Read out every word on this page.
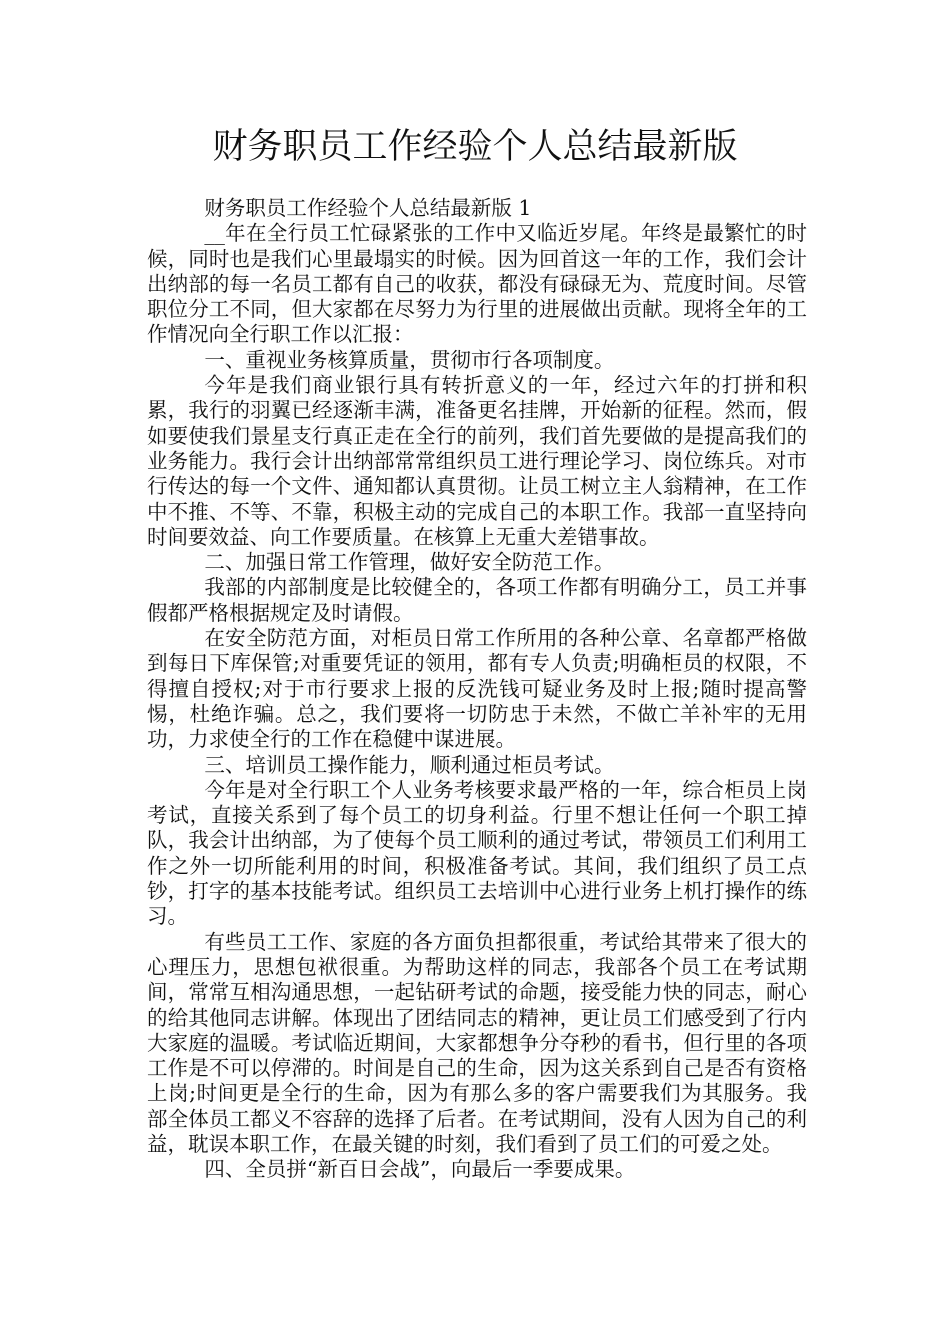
财务职员工作经验个人总结最新版

财务职员工作经验个人总结最新版 1

__年在全行员工忙碌紧张的工作中又临近岁尾。年终是最繁忙的时候，同时也是我们心里最塌实的时候。因为回首这一年的工作，我们会计出纳部的每一名员工都有自己的收获，都没有碌碌无为、荒度时间。尽管职位分工不同，但大家都在尽努力为行里的进展做出贡献。现将全年的工作情况向全行职工作以汇报：

一、重视业务核算质量，贯彻市行各项制度。

今年是我们商业银行具有转折意义的一年，经过六年的打拼和积累，我行的羽翼已经逐渐丰满，准备更名挂牌，开始新的征程。然而，假如要使我们景星支行真正走在全行的前列，我们首先要做的是提高我们的业务能力。我行会计出纳部常常组织员工进行理论学习、岗位练兵。对市行传达的每一个文件、通知都认真贯彻。让员工树立主人翁精神，在工作中不推、不等、不靠，积极主动的完成自己的本职工作。我部一直坚持向时间要效益、向工作要质量。在核算上无重大差错事故。

二、加强日常工作管理，做好安全防范工作。

我部的内部制度是比较健全的，各项工作都有明确分工，员工并事假都严格根据规定及时请假。

在安全防范方面，对柜员日常工作所用的各种公章、名章都严格做到每日下库保管;对重要凭证的领用，都有专人负责;明确柜员的权限，不得擅自授权;对于市行要求上报的反洗钱可疑业务及时上报;随时提高警惕，杜绝诈骗。总之，我们要将一切防忠于未然，不做亡羊补牢的无用功，力求使全行的工作在稳健中谋进展。

三、培训员工操作能力，顺利通过柜员考试。

今年是对全行职工个人业务考核要求最严格的一年，综合柜员上岗考试，直接关系到了每个员工的切身利益。行里不想让任何一个职工掉队，我会计出纳部，为了使每个员工顺利的通过考试，带领员工们利用工作之外一切所能利用的时间，积极准备考试。其间，我们组织了员工点钞，打字的基本技能考试。组织员工去培训中心进行业务上机打操作的练习。

有些员工工作、家庭的各方面负担都很重，考试给其带来了很大的心理压力，思想包袱很重。为帮助这样的同志，我部各个员工在考试期间，常常互相沟通思想，一起钻研考试的命题，接受能力快的同志，耐心的给其他同志讲解。体现出了团结同志的精神，更让员工们感受到了行内大家庭的温暖。考试临近期间，大家都想争分夺秒的看书，但行里的各项工作是不可以停滞的。时间是自己的生命，因为这关系到自己是否有资格上岗;时间更是全行的生命，因为有那么多的客户需要我们为其服务。我部全体员工都义不容辞的选择了后者。在考试期间，没有人因为自己的利益，耽误本职工作，在最关键的时刻，我们看到了员工们的可爱之处。

四、全员拼“新百日会战”，向最后一季要成果。
